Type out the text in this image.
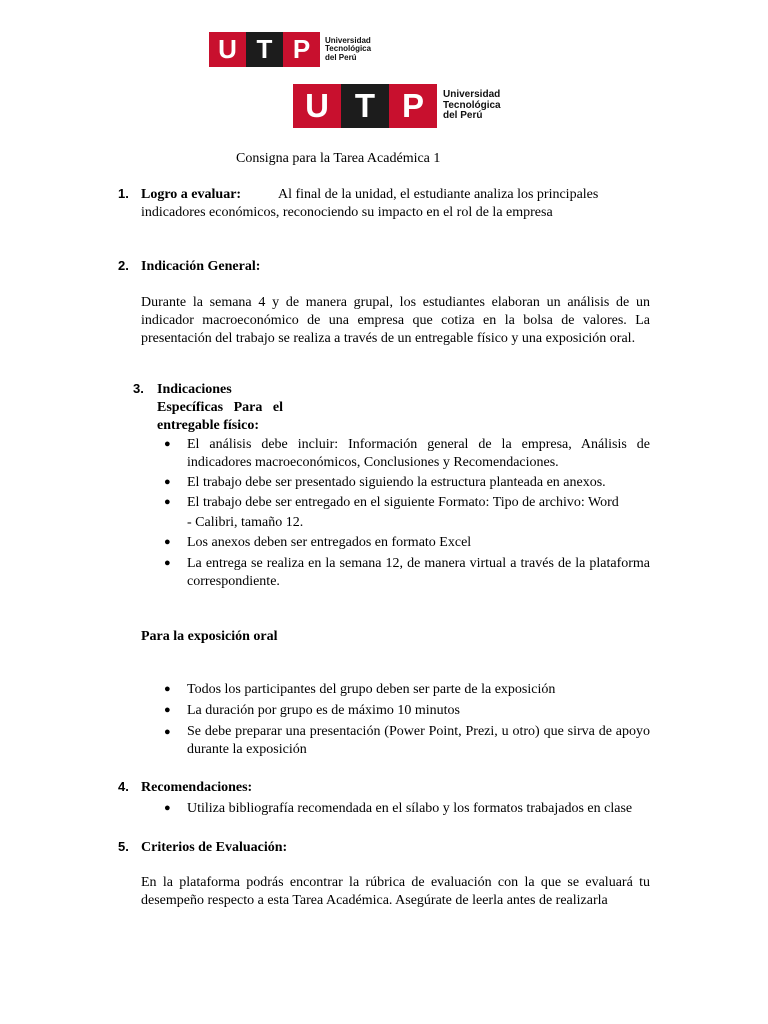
U T P	Universidad
Tecnológica
del Perú
U T P	Universidad
Tecnológica
del Perú
Consigna para la Tarea Académica 1
1. Logro a evaluar:	Al final de la unidad, el estudiante analiza los principales
indicadores económicos, reconociendo su impacto en el rol de la empresa
2. Indicación General:
Durante la semana 4 y de manera grupal, los estudiantes elaboran un análisis de un indicador macroeconómico de una empresa que cotiza en la bolsa de valores. La presentación del trabajo se realiza a través de un entregable físico y una exposición oral.
3. Indicaciones
Específicas Para el
entregable físico:
● El análisis debe incluir: Información general de la empresa, Análisis de indicadores macroeconómicos, Conclusiones y Recomendaciones.
● El trabajo debe ser presentado siguiendo la estructura planteada en anexos.
● El trabajo debe ser entregado en el siguiente Formato: Tipo de archivo: Word
- Calibri, tamaño 12.
● Los anexos deben ser entregados en formato Excel
● La entrega se realiza en la semana 12, de manera virtual a través de la plataforma correspondiente.
Para la exposición oral
● Todos los participantes del grupo deben ser parte de la exposición
● La duración por grupo es de máximo 10 minutos
● Se debe preparar una presentación (Power Point, Prezi, u otro) que sirva de apoyo durante la exposición
4. Recomendaciones:
● Utiliza bibliografía recomendada en el sílabo y los formatos trabajados en clase
5. Criterios de Evaluación:
En la plataforma podrás encontrar la rúbrica de evaluación con la que se evaluará tu desempeño respecto a esta Tarea Académica. Asegúrate de leerla antes de realizarla
